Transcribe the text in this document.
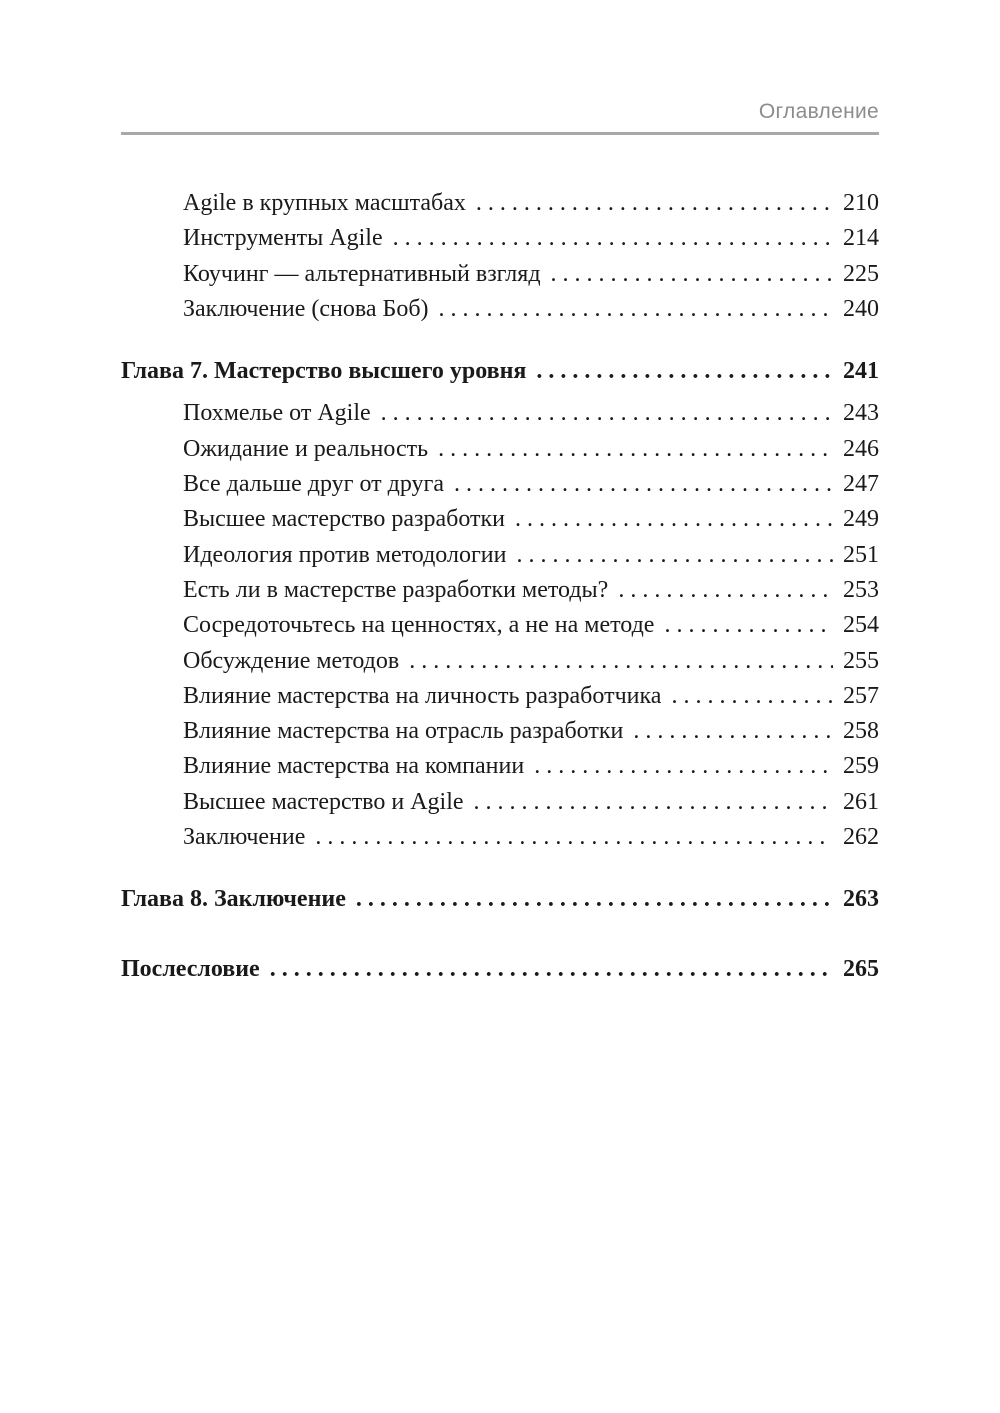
Оглавление
Agile в крупных масштабах . . .	210
Инструменты Agile . . .	214
Коучинг — альтернативный взгляд . . .	225
Заключение (снова Боб) . . .	240
Глава 7. Мастерство высшего уровня . . .	241
Похмелье от Agile . . .	243
Ожидание и реальность . . .	246
Все дальше друг от друга . . .	247
Высшее мастерство разработки . . .	249
Идеология против методологии . . .	251
Есть ли в мастерстве разработки методы? . . .	253
Сосредоточьтесь на ценностях, а не на методе . . .	254
Обсуждение методов . . .	255
Влияние мастерства на личность разработчика . . .	257
Влияние мастерства на отрасль разработки . . .	258
Влияние мастерства на компании . . .	259
Высшее мастерство и Agile . . .	261
Заключение . . .	262
Глава 8. Заключение . . .	263
Послесловие . . .	265
